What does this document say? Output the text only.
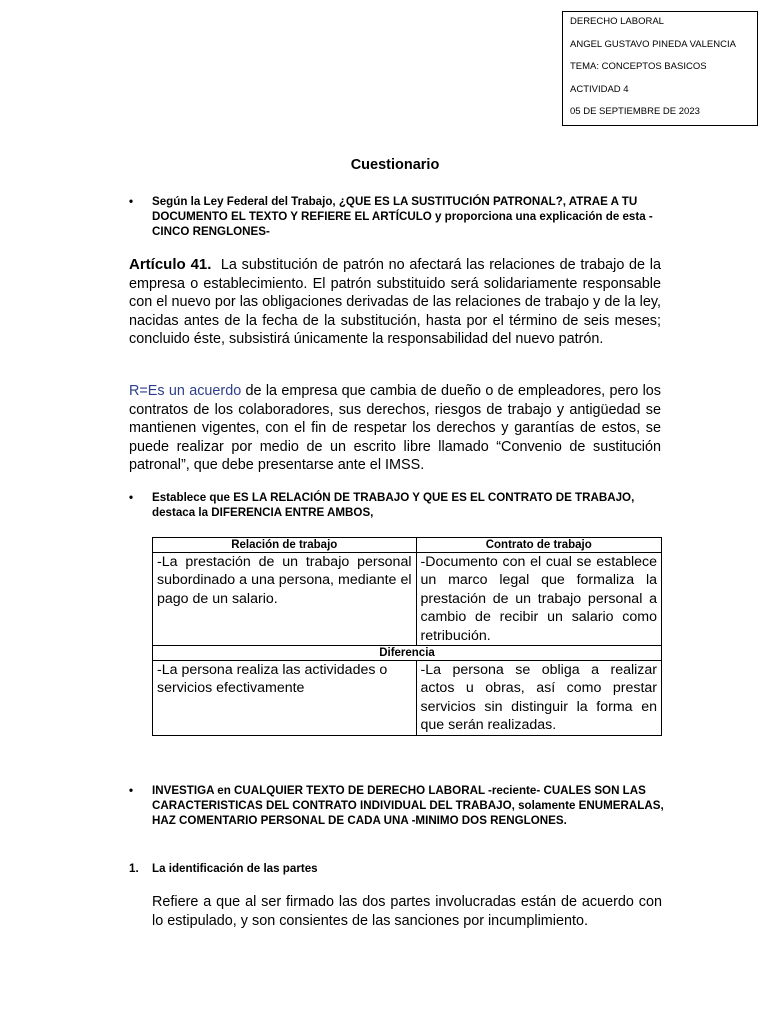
DERECHO LABORAL
ANGEL GUSTAVO PINEDA VALENCIA
TEMA: CONCEPTOS BASICOS
ACTIVIDAD 4
05 DE SEPTIEMBRE DE 2023
Cuestionario
• Según la Ley Federal del Trabajo, ¿QUE ES LA SUSTITUCIÓN PATRONAL?, ATRAE A TU DOCUMENTO EL TEXTO Y REFIERE EL ARTÍCULO y proporciona una explicación de esta -CINCO RENGLONES-
Artículo 41. La substitución de patrón no afectará las relaciones de trabajo de la empresa o establecimiento. El patrón substituido será solidariamente responsable con el nuevo por las obligaciones derivadas de las relaciones de trabajo y de la ley, nacidas antes de la fecha de la substitución, hasta por el término de seis meses; concluido éste, subsistirá únicamente la responsabilidad del nuevo patrón.
R=Es un acuerdo de la empresa que cambia de dueño o de empleadores, pero los contratos de los colaboradores, sus derechos, riesgos de trabajo y antigüedad se mantienen vigentes, con el fin de respetar los derechos y garantías de estos, se puede realizar por medio de un escrito libre llamado “Convenio de sustitución patronal”, que debe presentarse ante el IMSS.
• Establece que ES LA RELACIÓN DE TRABAJO Y QUE ES EL CONTRATO DE TRABAJO, destaca la DIFERENCIA ENTRE AMBOS,
Relación de trabajo	Contrato de trabajo
-La prestación de un trabajo personal subordinado a una persona, mediante el pago de un salario.	-Documento con el cual se establece un marco legal que formaliza la prestación de un trabajo personal a cambio de recibir un salario como retribución.
Diferencia	
-La persona realiza las actividades o servicios efectivamente	-La persona se obliga a realizar actos u obras, así como prestar servicios sin distinguir la forma en que serán realizadas.
• INVESTIGA en CUALQUIER TEXTO DE DERECHO LABORAL -reciente- CUALES SON LAS CARACTERISTICAS DEL CONTRATO INDIVIDUAL DEL TRABAJO, solamente ENUMERALAS, HAZ COMENTARIO PERSONAL DE CADA UNA -MINIMO DOS RENGLONES.
1. La identificación de las partes
Refiere a que al ser firmado las dos partes involucradas están de acuerdo con lo estipulado, y son consientes de las sanciones por incumplimiento.
